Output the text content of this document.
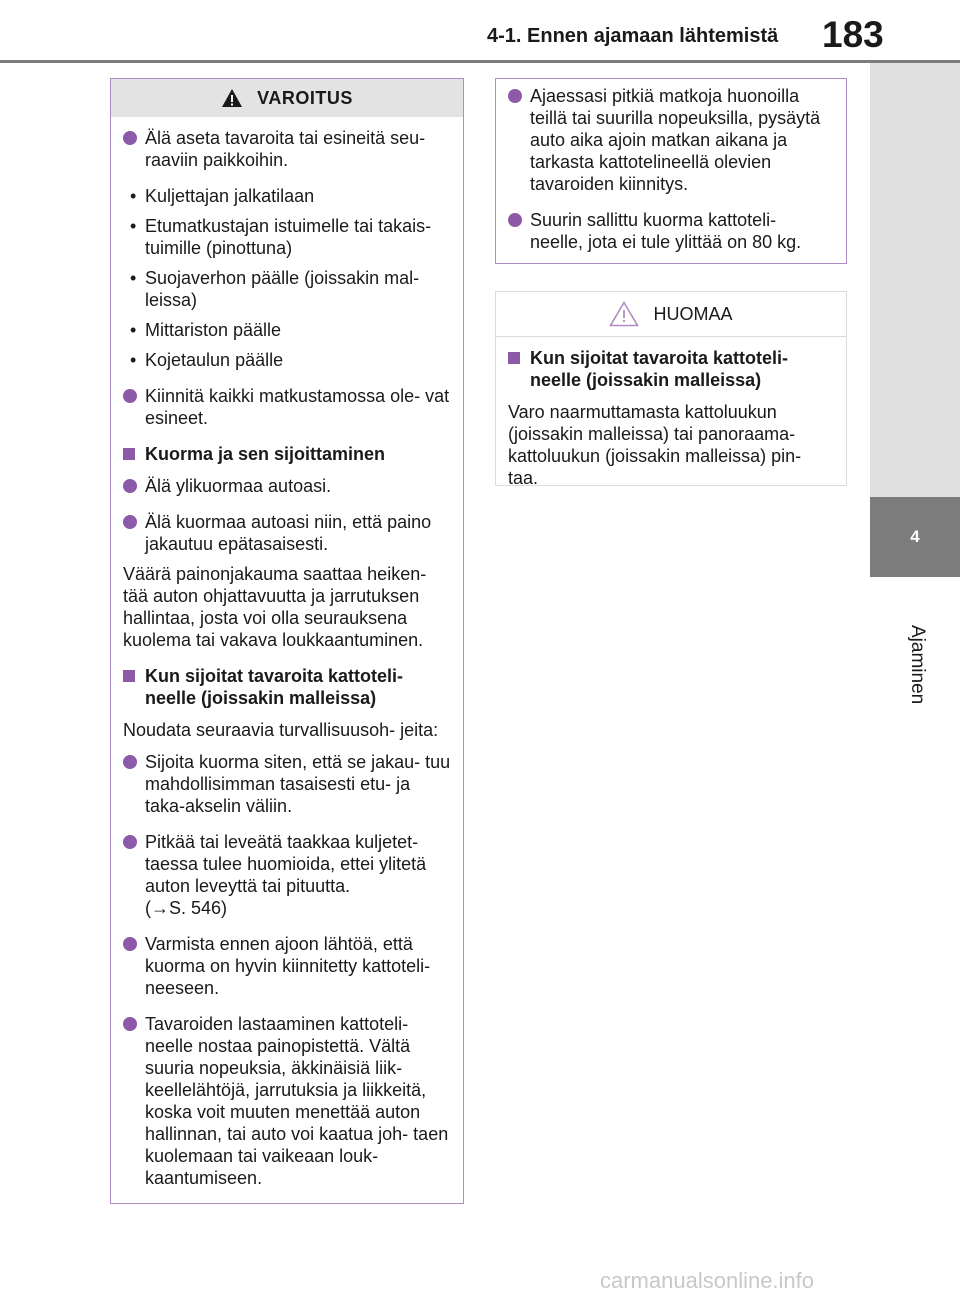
4-1. Ennen ajamaan lähtemistä 183
4
Ajaminen
VAROITUS
Älä aseta tavaroita tai esineitä seu- raaviin paikkoihin.
• Kuljettajan jalkatilaan
• Etumatkustajan istuimelle tai takais- tuimille (pinottuna)
• Suojaverhon päälle (joissakin mal- leissa)
• Mittariston päälle
• Kojetaulun päälle
Kiinnitä kaikki matkustamossa ole- vat esineet.
Kuorma ja sen sijoittaminen
Älä ylikuormaa autoasi.
Älä kuormaa autoasi niin, että paino jakautuu epätasaisesti.
Väärä painonjakauma saattaa heiken- tää auton ohjattavuutta ja jarrutuksen hallintaa, josta voi olla seurauksena kuolema tai vakava loukkaantuminen.
Kun sijoitat tavaroita kattoteli- neelle (joissakin malleissa)
Noudata seuraavia turvallisuusoh- jeita:
Sijoita kuorma siten, että se jakau- tuu mahdollisimman tasaisesti etu- ja taka-akselin väliin.
Pitkää tai leveätä taakkaa kuljetet- taessa tulee huomioida, ettei ylitetä auton leveyttä tai pituutta.
(→S. 546)
Varmista ennen ajoon lähtöä, että kuorma on hyvin kiinnitetty kattoteli- neeseen.
Tavaroiden lastaaminen kattoteli- neelle nostaa painopistettä. Vältä suuria nopeuksia, äkkinäisiä liik- keellelähtöjä, jarrutuksia ja liikkeitä, koska voit muuten menettää auton hallinnan, tai auto voi kaatua joh- taen kuolemaan tai vaikeaan louk- kaantumiseen.
Ajaessasi pitkiä matkoja huonoilla teillä tai suurilla nopeuksilla, pysäytä auto aika ajoin matkan aikana ja tarkasta kattotelineellä olevien tavaroiden kiinnitys.
Suurin sallittu kuorma kattoteli- neelle, jota ei tule ylittää on 80 kg.
HUOMAA
Kun sijoitat tavaroita kattoteli- neelle (joissakin malleissa)
Varo naarmuttamasta kattoluukun (joissakin malleissa) tai panoraama- kattoluukun (joissakin malleissa) pin- taa.
carmanualsonline.info
